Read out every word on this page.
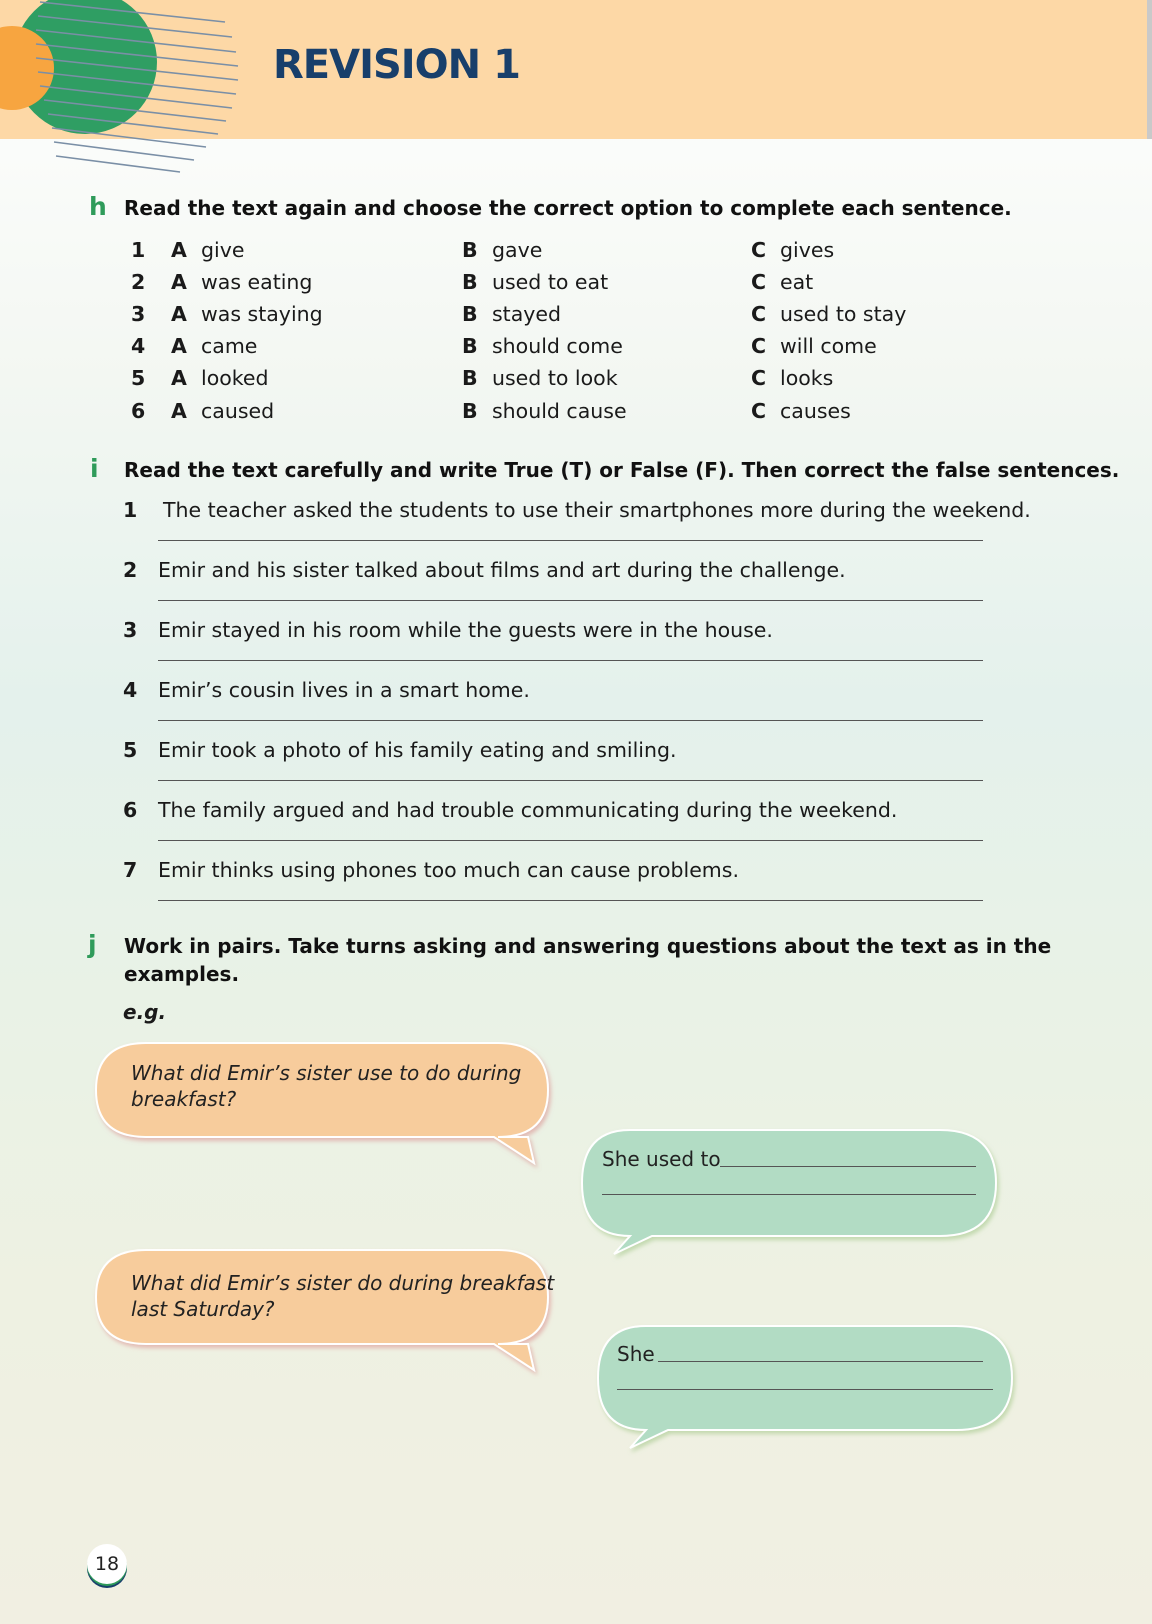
REVISION 1
h Read the text again and choose the correct option to complete each sentence.
1 A give	B gave	C gives
2 A was eating	B used to eat	C eat
3 A was staying	B stayed	C used to stay
4 A came	B should come	C will come
5 A looked	B used to look	C looks
6 A caused	B should cause	C causes
i Read the text carefully and write True (T) or False (F). Then correct the false sentences.
1 The teacher asked the students to use their smartphones more during the weekend.
2 Emir and his sister talked about films and art during the challenge.
3 Emir stayed in his room while the guests were in the house.
4 Emir’s cousin lives in a smart home.
5 Emir took a photo of his family eating and smiling.
6 The family argued and had trouble communicating during the weekend.
7 Emir thinks using phones too much can cause problems.
j Work in pairs. Take turns asking and answering questions about the text as in the
examples.
e.g.
What did Emir’s sister use to do during
breakfast?
She used to
What did Emir’s sister do during breakfast
last Saturday?
She
18
